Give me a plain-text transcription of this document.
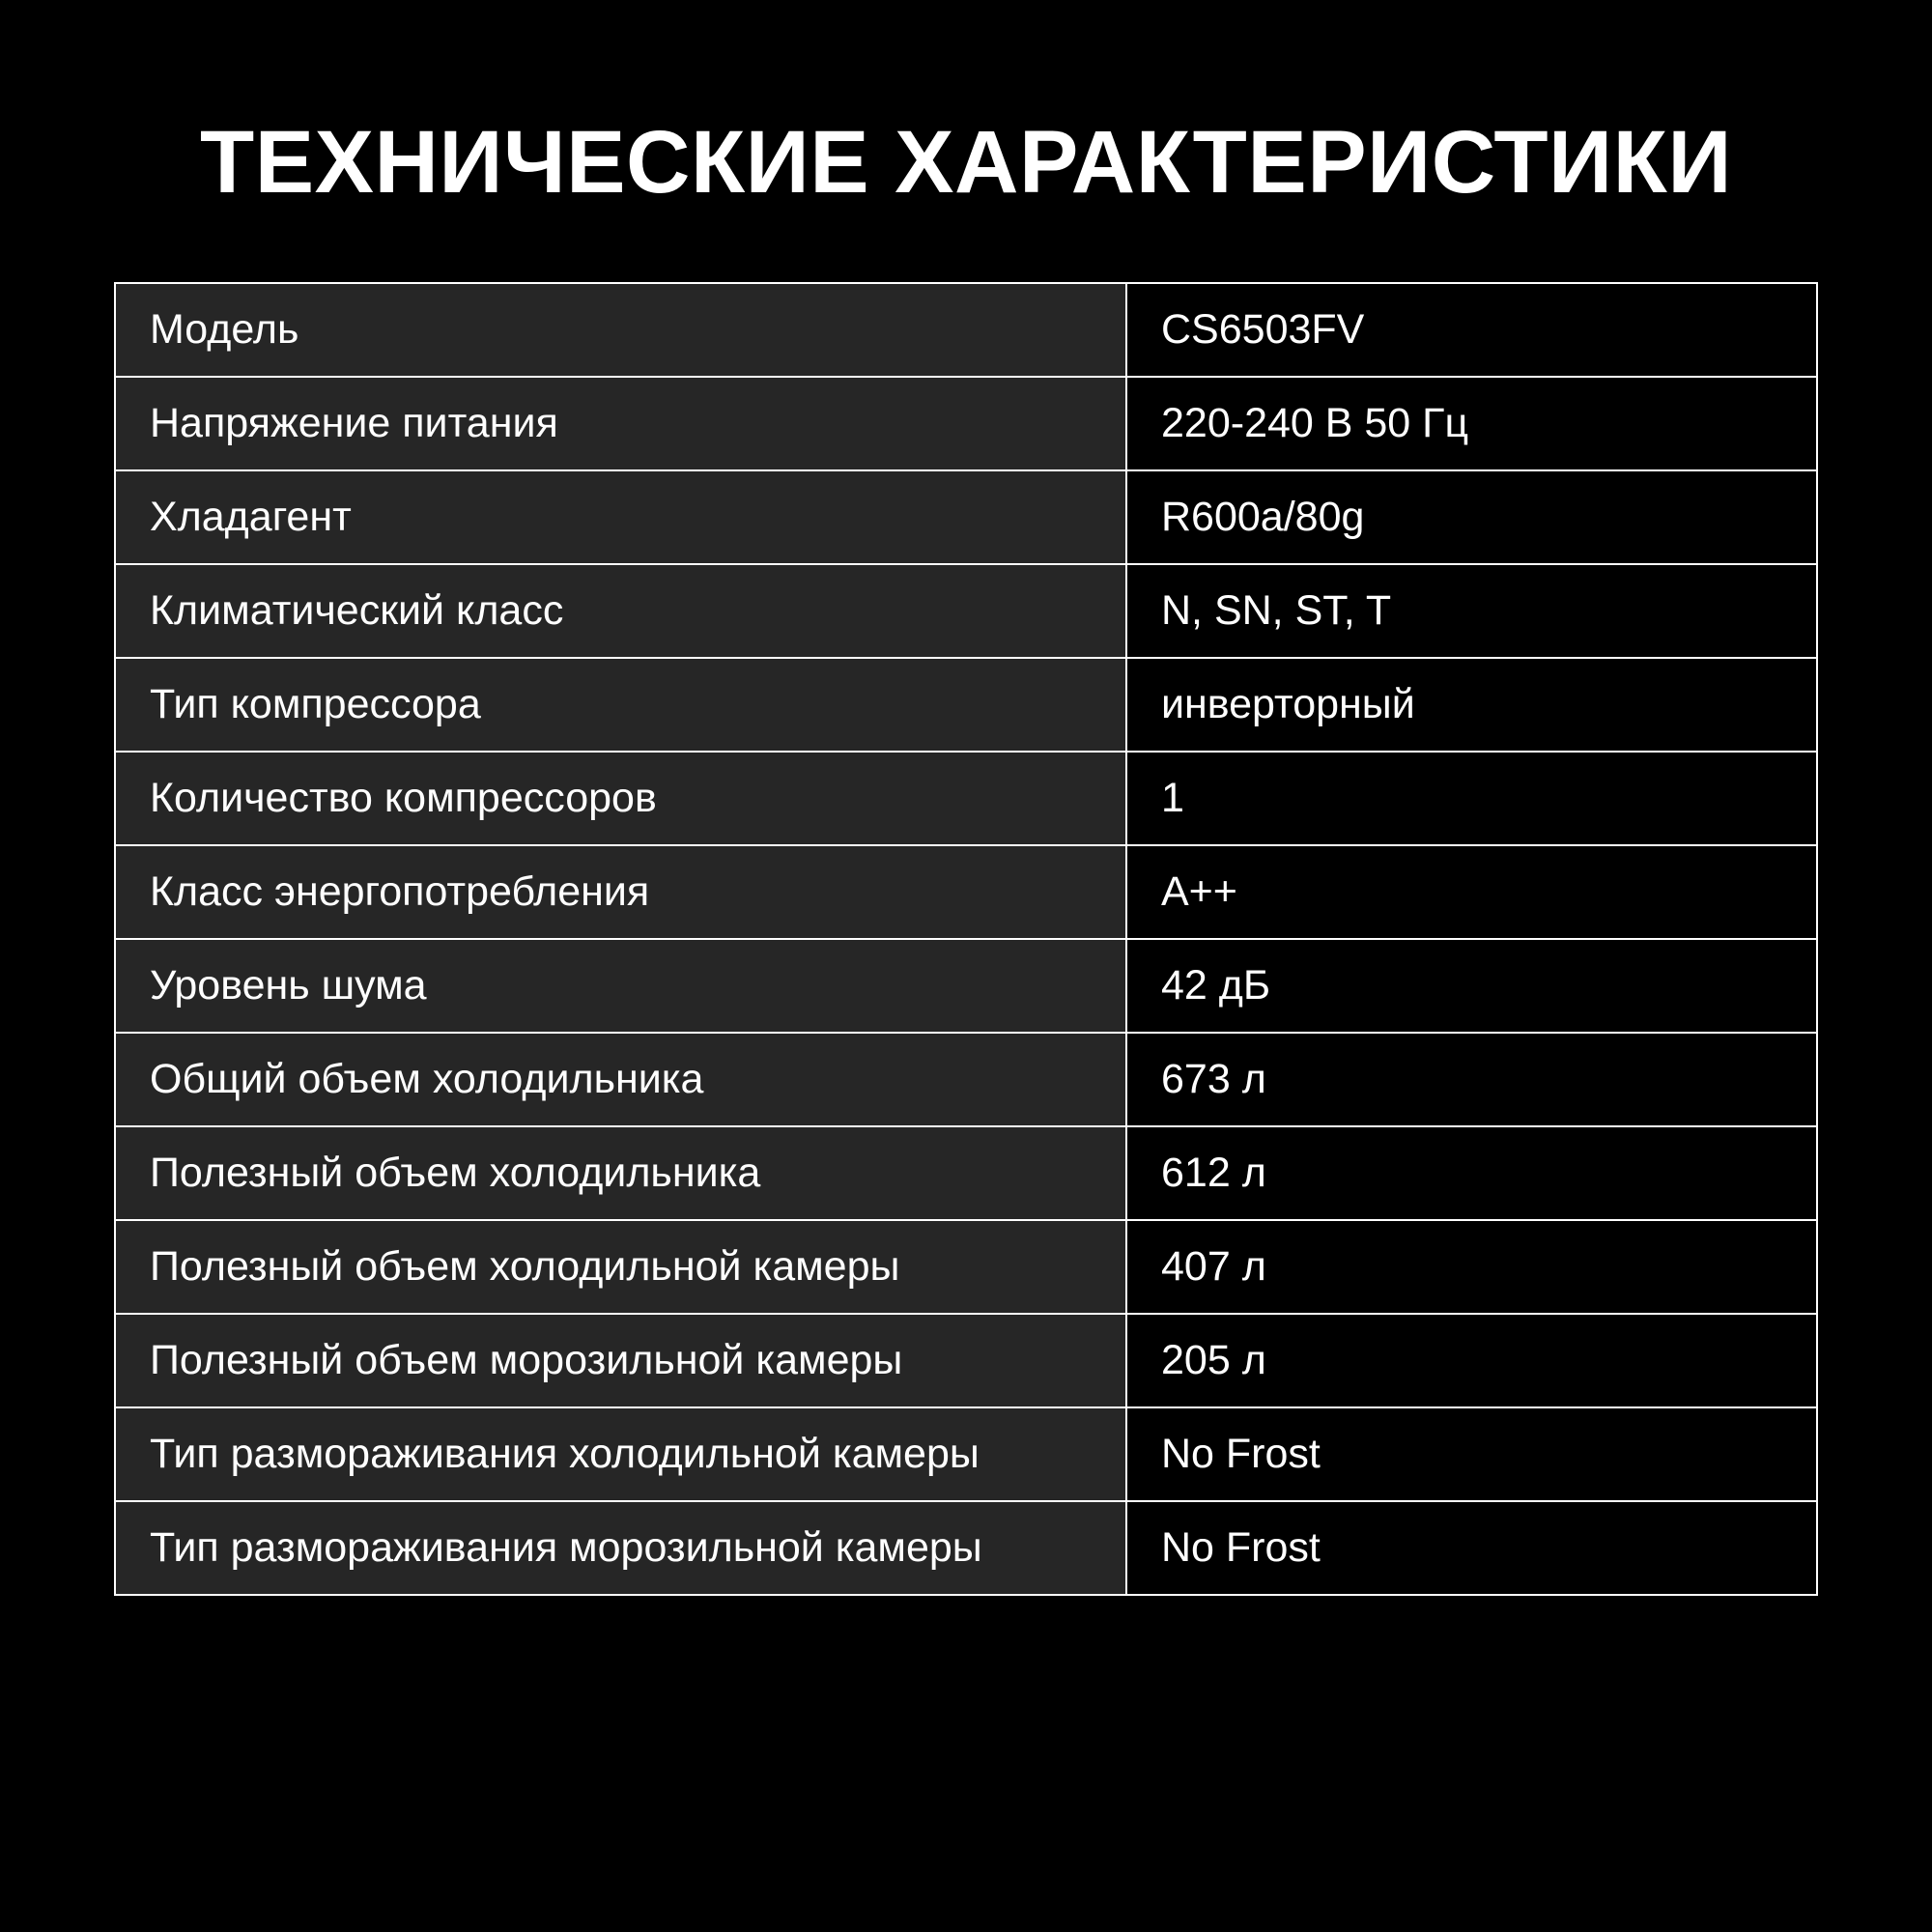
ТЕХНИЧЕСКИЕ ХАРАКТЕРИСТИКИ
Модель	CS6503FV
Напряжение питания	220-240 В 50 Гц
Хладагент	R600a/80g
Климатический класс	N, SN, ST, T
Тип компрессора	инверторный
Количество компрессоров	1
Класс энергопотребления	A++
Уровень шума	42 дБ
Общий объем холодильника	673 л
Полезный объем холодильника	612 л
Полезный объем холодильной камеры	407 л
Полезный объем морозильной камеры	205 л
Тип размораживания холодильной камеры	No Frost
Тип размораживания морозильной камеры	No Frost
